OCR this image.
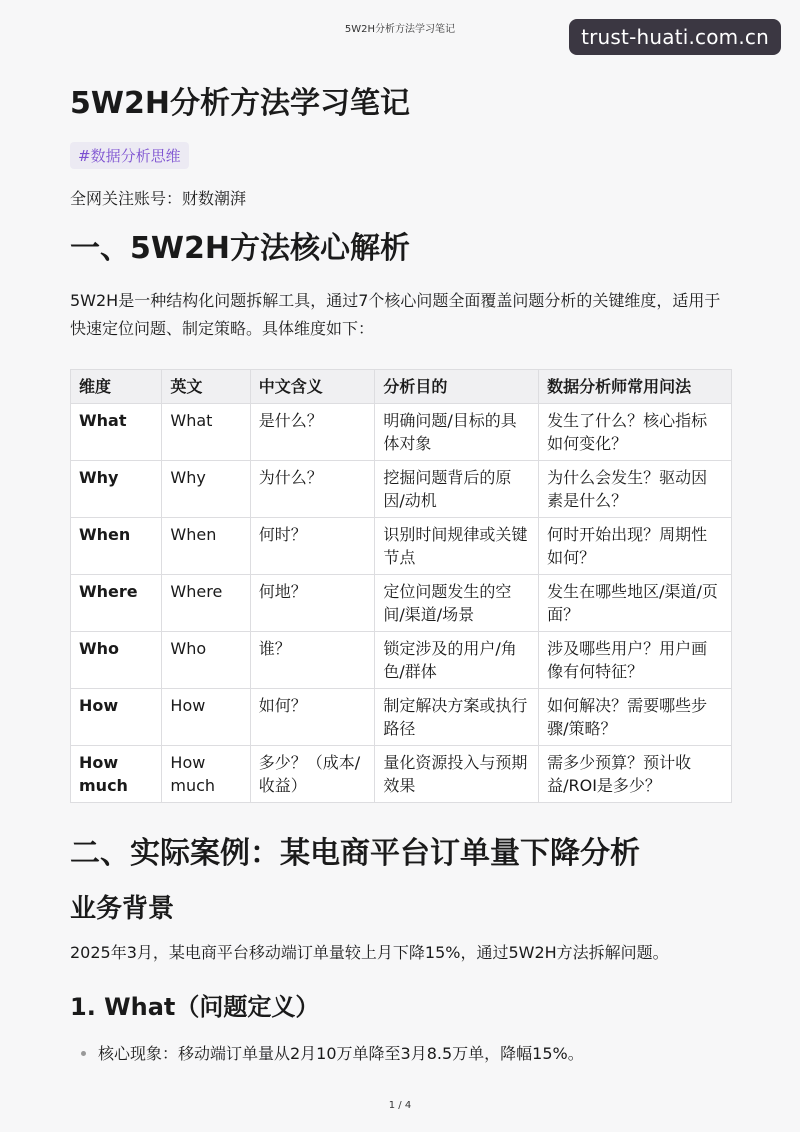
5W2H分析方法学习笔记	trust-huati.com.cn
5W2H分析方法学习笔记
#数据分析思维
全网关注账号：财数潮湃
一、5W2H方法核心解析

5W2H是一种结构化问题拆解工具，通过7个核心问题全面覆盖问题分析的关键维度，适用于快速定位问题、制定策略。具体维度如下：

维度	英文	中文含义	分析目的	数据分析师常用问法
What	What	是什么？	明确问题/目标的具体对象	发生了什么？核心指标如何变化？
Why	Why	为什么？	挖掘问题背后的原因/动机	为什么会发生？驱动因素是什么？
When	When	何时？	识别时间规律或关键节点	何时开始出现？周期性如何？
Where	Where	何地？	定位问题发生的空间/渠道/场景	发生在哪些地区/渠道/页面？
Who	Who	谁？	锁定涉及的用户/角色/群体	涉及哪些用户？用户画像有何特征？
How	How	如何？	制定解决方案或执行路径	如何解决？需要哪些步骤/策略？
How much	How much	多少？（成本/收益）	量化资源投入与预期效果	需多少预算？预计收益/ROI是多少？
二、实际案例：某电商平台订单量下降分析
业务背景

2025年3月，某电商平台移动端订单量较上月下降15%，通过5W2H方法拆解问题。

1. What（问题定义）
• 核心现象：移动端订单量从2月10万单降至3月8.5万单，降幅15%。
1 / 4
